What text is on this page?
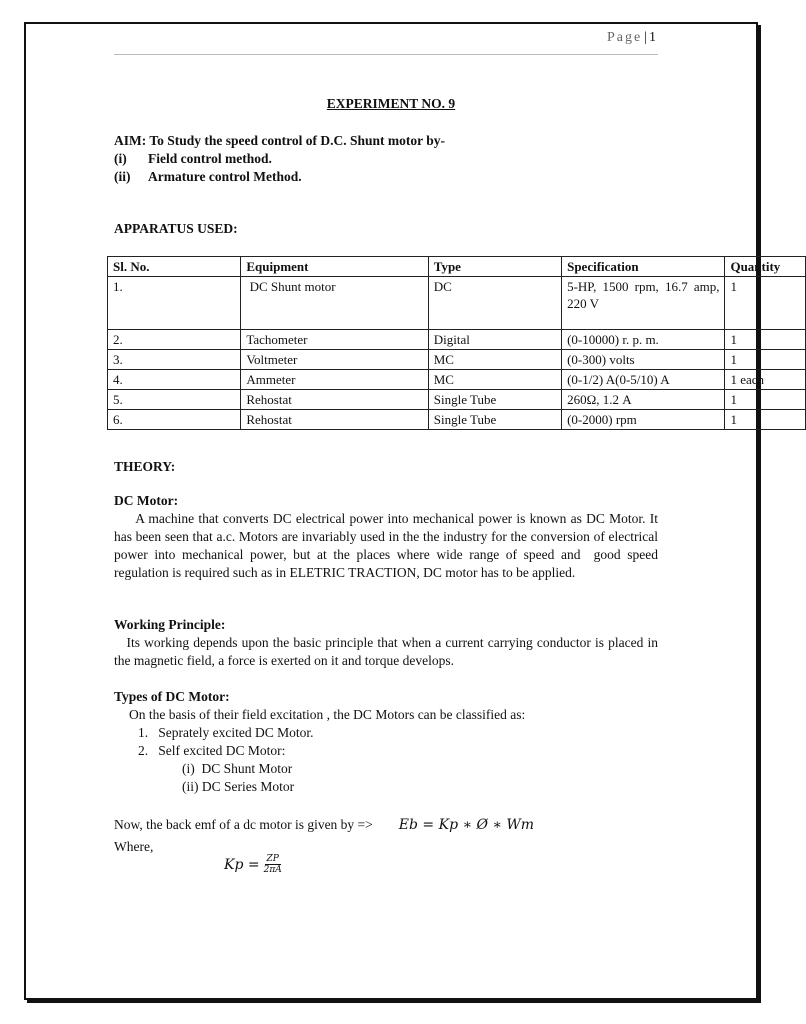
Page | 1
EXPERIMENT NO. 9
AIM: To Study the speed control of D.C. Shunt motor by-
(i)	Field control method.
(ii)	Armature control Method.
APPARATUS USED:
Sl. No.	Equipment	Type	Specification	Quantity
1.	DC Shunt motor	DC	5-HP, 1500 rpm, 16.7 amp, 220 V	1
2.	Tachometer	Digital	(0-10000) r. p. m.	1
3.	Voltmeter	MC	(0-300) volts	1
4.	Ammeter	MC	(0-1/2) A(0-5/10) A	1 each
5.	Rehostat	Single Tube	260Ω, 1.2 A	1
6.	Rehostat	Single Tube	(0-2000) rpm	1
THEORY:
DC Motor:
A machine that converts DC electrical power into mechanical power is known as DC Motor. It has been seen that a.c. Motors are invariably used in the the industry for the conversion of electrical power into mechanical power, but at the places where wide range of speed and  good speed regulation is required such as in ELETRIC TRACTION, DC motor has to be applied.
Working Principle:
Its working depends upon the basic principle that when a current carrying conductor is placed in the magnetic field, a force is exerted on it and torque develops.
Types of DC Motor:
On the basis of their field excitation , the DC Motors can be classified as:
1.   Seprately excited DC Motor.
2.   Self excited DC Motor:
(i)  DC Shunt Motor
(ii) DC Series Motor
Now, the back emf of a dc motor is given by => Eb = Kp ∗ Ø ∗ Wm
Where,
$Kp = \frac{ZP}{2\pi A}$
